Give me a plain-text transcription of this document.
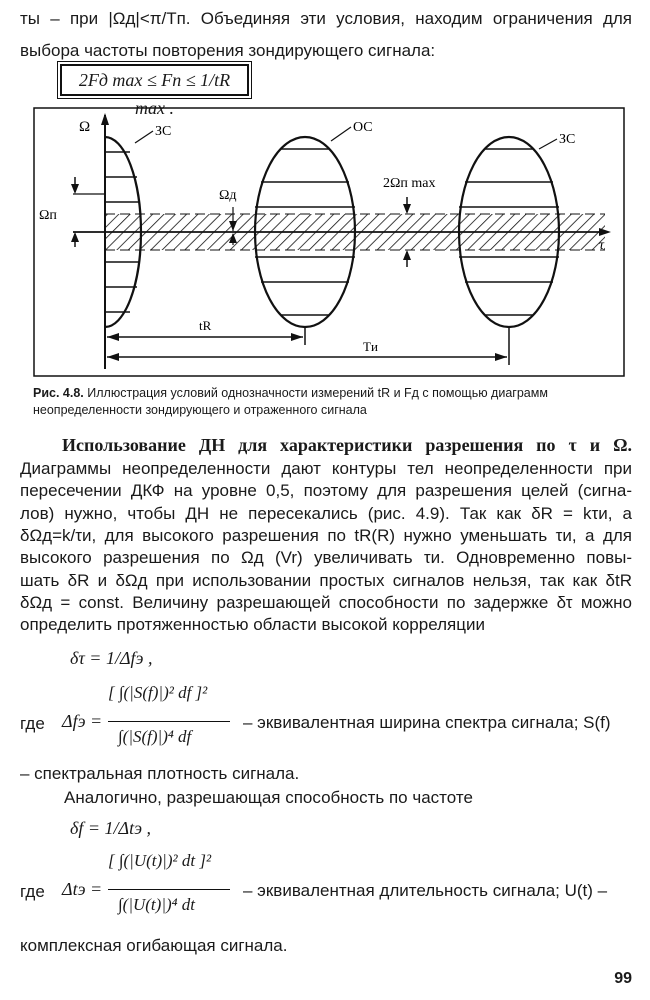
ты – при |Ωд|<π/Tп. Объединяя эти условия, находим ограничения для
выбора частоты повторения зондирующего сигнала:
2Fд max ≤ Fп ≤ 1/tR max .
Ω
τ
ЗС	ОС
ЗС
Ωд
Ωп
2Ωп max
tR
Tи
Рис. 4.8. Иллюстрация условий однозначности измерений tR и Fд с помощью диаграмм неопределенности зондирующего и отраженного сигнала
Использование ДН для характеристики разрешения по τ и Ω.
Диаграммы неопределенности дают контуры тел неопределенности при
пересечении ДКФ на уровне 0,5, поэтому для разрешения целей (сигна-
лов) нужно, чтобы ДН не пересекались (рис. 4.9). Так как δR = kτи, а
δΩд=k/τи, для высокого разрешения по tR(R) нужно уменьшать τи, а для
высокого разрешения по Ωд (Vr) увеличивать τи. Одновременно повы-
шать δR и δΩд при использовании простых сигналов нельзя, так как δtR
δΩд = const. Величину разрешающей способности по задержке δτ можно
определить протяженностью области высокой корреляции
δτ = 1/Δfэ ,
где Δfэ =
[ ∫(|S(f)|)² df ]²
∫(|S(f)|)⁴ df
– эквивалентная ширина спектра сигнала; S(f)
– спектральная плотность сигнала.
Аналогично, разрешающая способность по частоте
δf = 1/Δtэ ,
где Δtэ =
[ ∫(|U(t)|)² dt ]²
∫(|U(t)|)⁴ dt
– эквивалентная длительность сигнала; U(t) –
комплексная огибающая сигнала.
99
